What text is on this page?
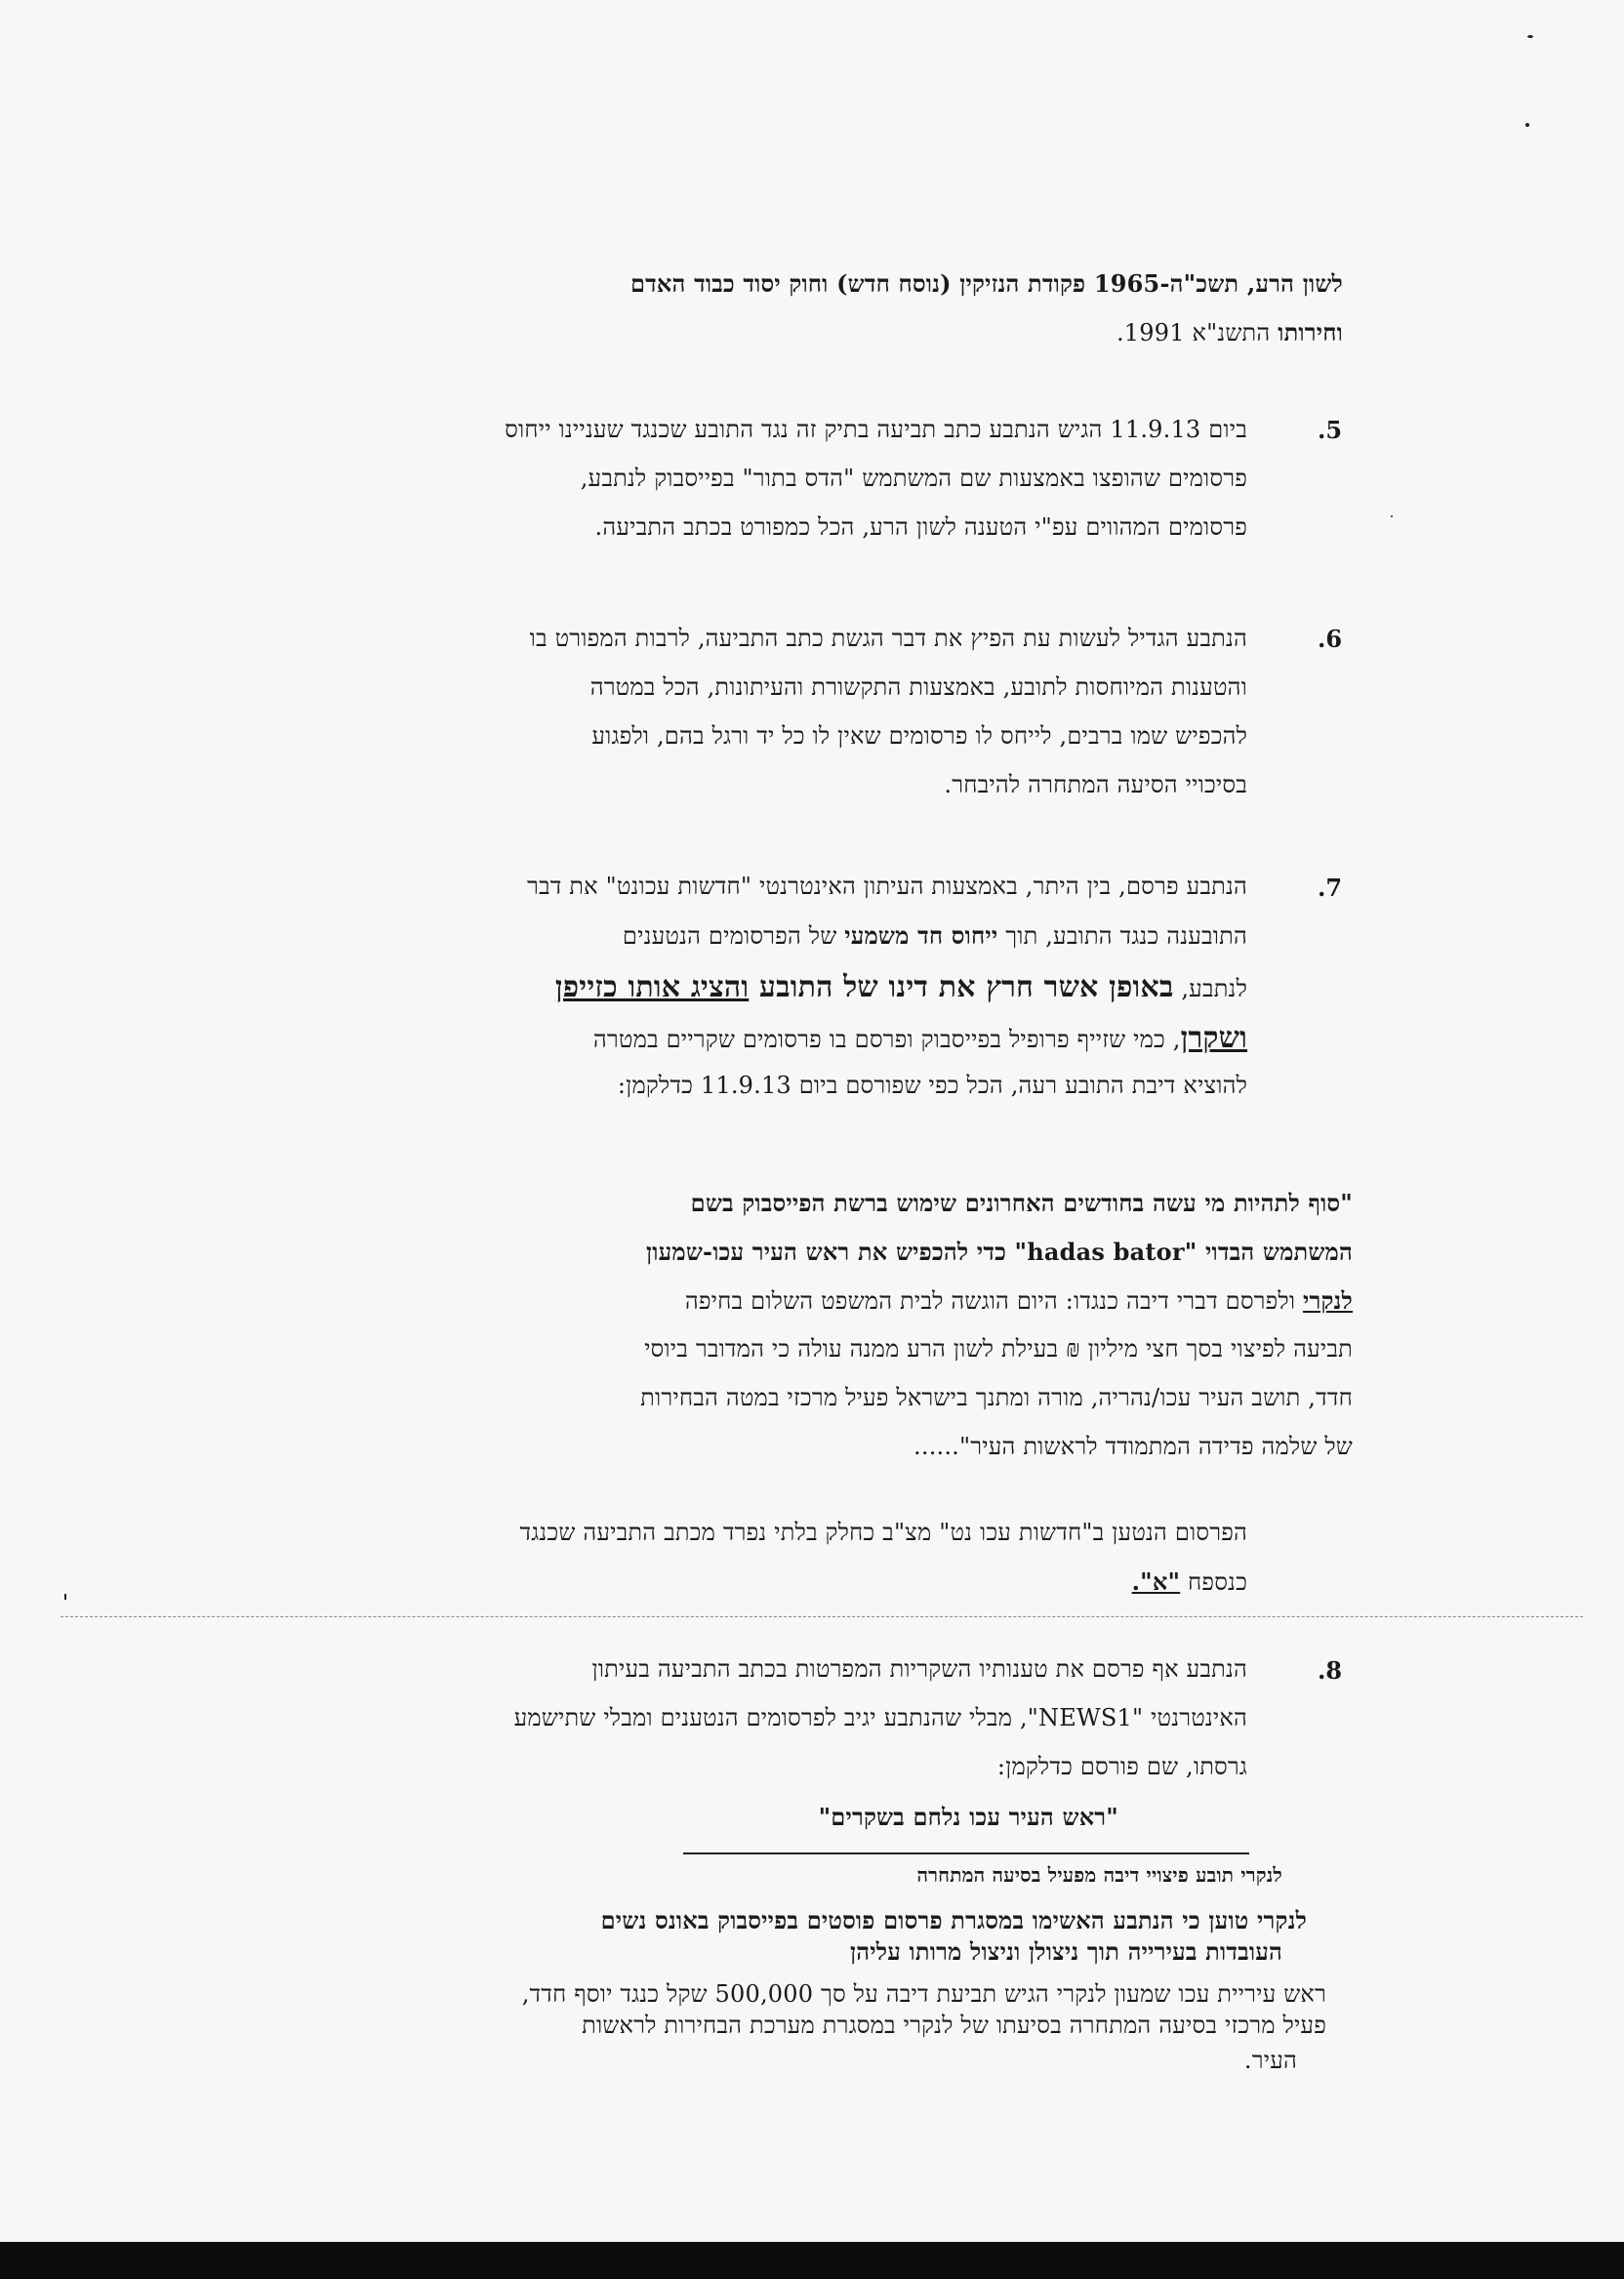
לשון הרע, תשכ"ה-1965 פקודת הנזיקין (נוסח חדש) וחוק יסוד כבוד האדם
וחירותו התשנ"א 1991.
.5
ביום 11.9.13 הגיש הנתבע כתב תביעה בתיק זה נגד התובע שכנגד שעניינו ייחוס
פרסומים שהופצו באמצעות שם המשתמש "הדס בתור" בפייסבוק לנתבע,
פרסומים המהווים עפ"י הטענה לשון הרע, הכל כמפורט בכתב התביעה.
.6
הנתבע הגדיל לעשות עת הפיץ את דבר הגשת כתב התביעה, לרבות המפורט בו
והטענות המיוחסות לתובע, באמצעות התקשורת והעיתונות, הכל במטרה
להכפיש שמו ברבים, לייחס לו פרסומים שאין לו כל יד ורגל בהם, ולפגוע
בסיכויי הסיעה המתחרה להיבחר.
.7
הנתבע פרסם, בין היתר, באמצעות העיתון האינטרנטי "חדשות עכונט" את דבר
התובענה כנגד התובע, תוך ייחוס חד משמעי של הפרסומים הנטענים
לנתבע, באופן אשר חרץ את דינו של התובע והציג אותו כזייפן
ושקרן, כמי שזייף פרופיל בפייסבוק ופרסם בו פרסומים שקריים במטרה
להוציא דיבת התובע רעה, הכל כפי שפורסם ביום 11.9.13 כדלקמן:
"סוף לתהיות מי עשה בחודשים האחרונים שימוש ברשת הפייסבוק בשם
המשתמש הבדוי "hadas bator" כדי להכפיש את ראש העיר עכו-שמעון
לנקרי ולפרסם דברי דיבה כנגדו: היום הוגשה לבית המשפט השלום בחיפה
תביעה לפיצוי בסך חצי מיליון ₪ בעילת לשון הרע ממנה עולה כי המדובר ביוסי
חדד, תושב העיר עכו/נהריה, מורה ומתנך בישראל פעיל מרכזי במטה הבחירות
של שלמה פדידה המתמודד לראשות העיר"......
הפרסום הנטען ב"חדשות עכו נט" מצ"ב כחלק בלתי נפרד מכתב התביעה שכנגד
כנספח "א".
.8
הנתבע אף פרסם את טענותיו השקריות המפרטות בכתב התביעה בעיתון
האינטרנטי "NEWS1", מבלי שהנתבע יגיב לפרסומים הנטענים ומבלי שתישמע
גרסתו, שם פורסם כדלקמן:
"ראש העיר עכו נלחם בשקרים"
לנקרי תובע פיצויי דיבה מפעיל בסיעה המתחרה
לנקרי טוען כי הנתבע האשימו במסגרת פרסום פוסטים בפייסבוק באונס נשים
העובדות בעירייה תוך ניצולן וניצול מרותו עליהן
ראש עיריית עכו שמעון לנקרי הגיש תביעת דיבה על סך 500,000 שקל כנגד יוסף חדד,
פעיל מרכזי בסיעה המתחרה בסיעתו של לנקרי במסגרת מערכת הבחירות לראשות
העיר.
